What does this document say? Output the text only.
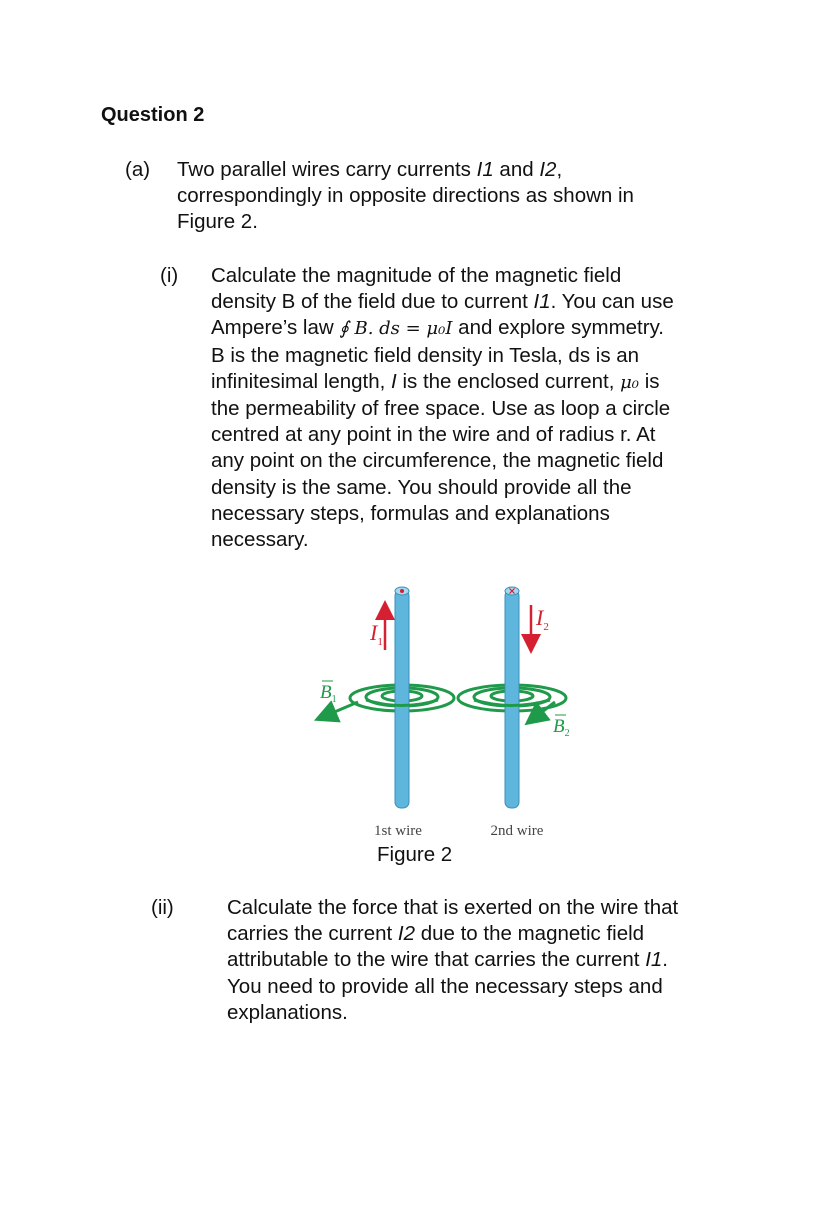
Question 2
(a) Two parallel wires carry currents I1 and I2,
correspondingly in opposite directions as shown in
Figure 2.
(i) Calculate the magnitude of the magnetic field
density B of the field due to current I1. You can use
Ampere’s law ∮ B. ds = μ₀I and explore symmetry.
B is the magnetic field density in Tesla, ds is an
infinitesimal length, I is the enclosed current, μ₀ is
the permeability of free space. Use as loop a circle
centred at any point in the wire and of radius r. At
any point on the circumference, the magnetic field
density is the same. You should provide all the
necessary steps, formulas and explanations
necessary.
$I_1$
$I_2$
$B_1$
$B_2$
1st wire	2nd wire
Figure 2
(ii)	Calculate the force that is exerted on the wire that
carries the current I2 due to the magnetic field
attributable to the wire that carries the current I1.
You need to provide all the necessary steps and
explanations.
